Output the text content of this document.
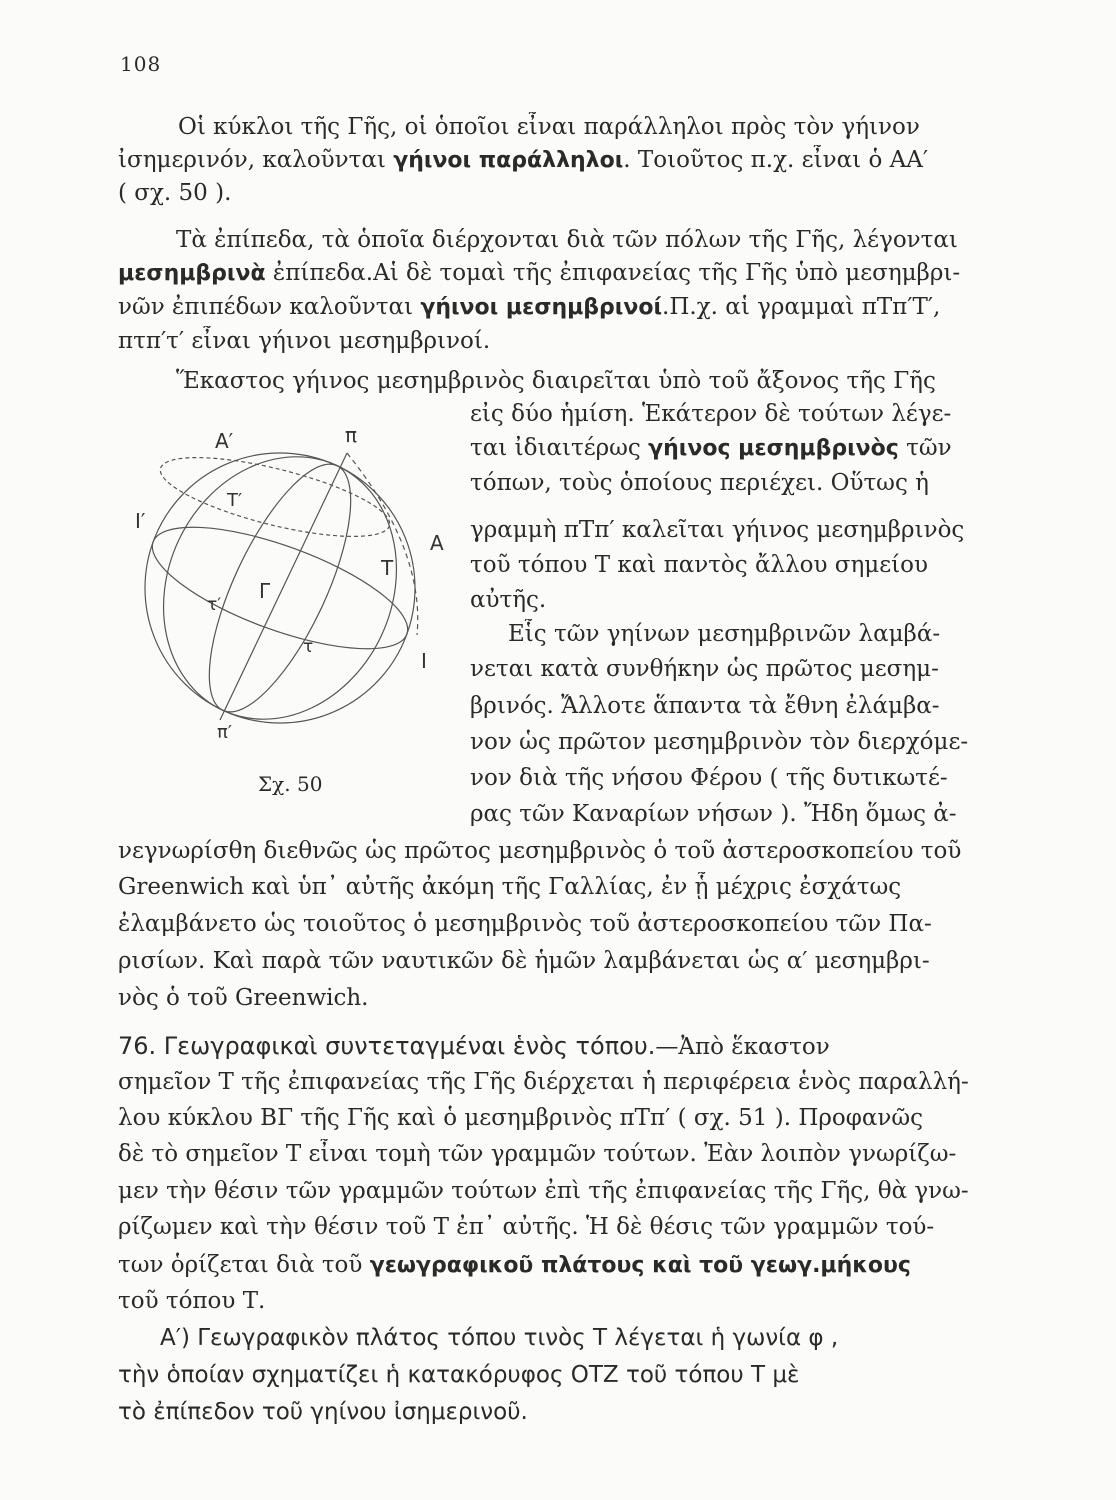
108
Οἱ κύκλοι τῆς Γῆς, οἱ ὁποῖοι εἶναι παράλληλοι πρὸς τὸν γήινον
ἰσημερινόν, καλοῦνται γήινοι παράλληλοι. Τοιοῦτος π.χ. εἶναι ὁ ΑΑ′
( σχ. 50 ).
Τὰ ἐπίπεδα, τὰ ὁποῖα διέρχονται διὰ τῶν πόλων τῆς Γῆς, λέγονται
μεσημβρινὰ ἐπίπεδα.Αἱ δὲ τομαὶ τῆς ἐπιφανείας τῆς Γῆς ὑπὸ μεσημβρι-
νῶν ἐπιπέδων καλοῦνται γήινοι μεσημβρινοί.Π.χ. αἱ γραμμαὶ πΤπ′Τ′,
πτπ′τ′ εἶναι γήινοι μεσημβρινοί.
Ἕκαστος γήινος μεσημβρινὸς διαιρεῖται ὑπὸ τοῦ ἄξονος τῆς Γῆς
εἰς δύο ἡμίση. Ἑκάτερον δὲ τούτων λέγε-
ται ἰδιαιτέρως γήινος μεσημβρινὸς τῶν
τόπων, τοὺς ὁποίους περιέχει. Οὕτως ἡ
γραμμὴ πΤπ′ καλεῖται γήινος μεσημβρινὸς
τοῦ τόπου Τ καὶ παντὸς ἄλλου σημείου
αὐτῆς.
Εἷς τῶν γηίνων μεσημβρινῶν λαμβά-
νεται κατὰ συνθήκην ὡς πρῶτος μεσημ-
βρινός. Ἄλλοτε ἅπαντα τὰ ἔθνη ἐλάμβα-
νον ὡς πρῶτον μεσημβρινὸν τὸν διερχόμε-
νον διὰ τῆς νήσου Φέρου ( τῆς δυτικωτέ-
ρας τῶν Καναρίων νήσων ). Ἤδη ὅμως ἀ-
Α′	π
Ι′
Τ′
Α
Τ
Γ
τ′
τ
Ι
π′
Σχ. 50
νεγνωρίσθη διεθνῶς ὡς πρῶτος μεσημβρινὸς ὁ τοῦ ἀστεροσκοπείου τοῦ
Greenwich καὶ ὑπ᾽ αὐτῆς ἀκόμη τῆς Γαλλίας, ἐν ᾗ μέχρις ἐσχάτως
ἐλαμβάνετο ὡς τοιοῦτος ὁ μεσημβρινὸς τοῦ ἀστεροσκοπείου τῶν Πα-
ρισίων. Καὶ παρὰ τῶν ναυτικῶν δὲ ἡμῶν λαμβάνεται ὡς α′ μεσημβρι-
νὸς ὁ τοῦ Greenwich.
76. Γεωγραφικαὶ συντεταγμέναι ἑνὸς τόπου.—Ἀπὸ ἕκαστον
σημεῖον Τ τῆς ἐπιφανείας τῆς Γῆς διέρχεται ἡ περιφέρεια ἑνὸς παραλλή-
λου κύκλου ΒΓ τῆς Γῆς καὶ ὁ μεσημβρινὸς πΤπ′ ( σχ. 51 ). Προφανῶς
δὲ τὸ σημεῖον Τ εἶναι τομὴ τῶν γραμμῶν τούτων. Ἐὰν λοιπὸν γνωρίζω-
μεν τὴν θέσιν τῶν γραμμῶν τούτων ἐπὶ τῆς ἐπιφανείας τῆς Γῆς, θὰ γνω-
ρίζωμεν καὶ τὴν θέσιν τοῦ Τ ἐπ᾽ αὐτῆς. Ἡ δὲ θέσις τῶν γραμμῶν τού-
των ὁρίζεται διὰ τοῦ γεωγραφικοῦ πλάτους καὶ τοῦ γεωγ.μήκους
τοῦ τόπου Τ.
Α′) Γεωγραφικὸν πλάτος τόπου τινὸς Τ λέγεται ἡ γωνία φ ,
τὴν ὁποίαν σχηματίζει ἡ κατακόρυφος ΟΤΖ τοῦ τόπου Τ μὲ
τὸ ἐπίπεδον τοῦ γηίνου ἰσημερινοῦ.
